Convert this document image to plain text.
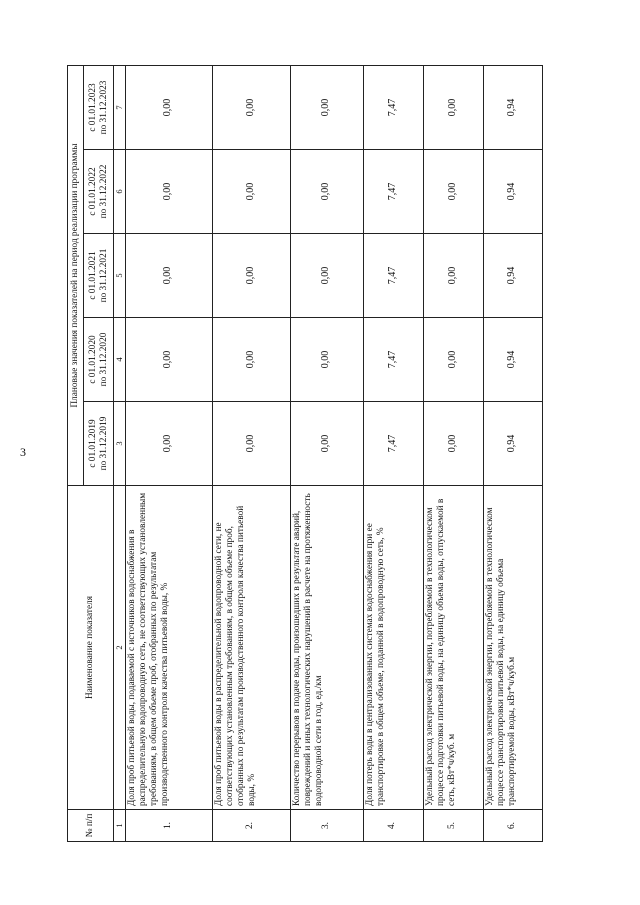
3
№ п/п	Наименование показателя	Плановые значения показателей на период реализации программы				

		с 01.01.2019 по 31.12.2019	с 01.01.2020 по 31.12.2020	с 01.01.2021 по 31.12.2021	с 01.01.2022 по 31.12.2022	с 01.01.2023 по 31.12.2023

1	2	3	4	5	6	7
1.	Доля проб питьевой воды, подаваемой с источников водоснабжения в распределительную водопроводную сеть, не соответствующих установленным требованиям, в общем объеме проб, отобранных по результатам производственного контроля качества питьевой воды, %	0,00	0,00	0,00	0,00	0,00
2.	Доля проб питьевой воды в распределительной водопроводной сети, не соответствующих установленным требованиям, в общем объеме проб, отобранных по результатам производственного контроля качества питьевой воды, %	0,00	0,00	0,00	0,00	0,00
3.	Количество перерывов в подаче воды, произошедших в результате аварий, повреждений и иных технологических нарушений в расчете на протяженность водопроводной сети в год, ед./км	0,00	0,00	0,00	0,00	0,00
4.	Доля потерь воды в централизованных системах водоснабжения при ее транспортировке в общем объеме, поданной в водопроводную сеть, %	7,47	7,47	7,47	7,47	7,47
5.	Удельный расход электрической энергии, потребляемой в технологическом процессе подготовки питьевой воды, на единицу объема воды, отпускаемой в сеть, кВт*ч/куб. м	0,00	0,00	0,00	0,00	0,00
6.	Удельный расход электрической энергии, потребляемой в технологическом процессе транспортировки питьевой воды, на единицу объема транспортируемой воды, кВт*ч/куб.м	0,94	0,94	0,94	0,94	0,94
